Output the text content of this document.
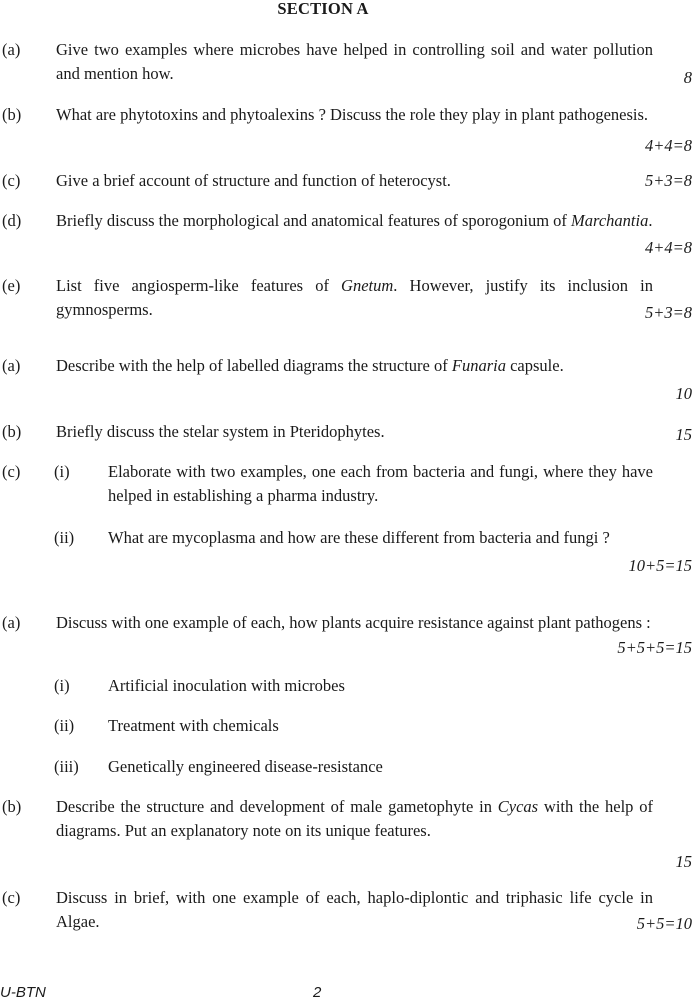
SECTION A
(a) Give two examples where microbes have helped in controlling soil and water pollution and mention how.	8
(b) What are phytotoxins and phytoalexins ? Discuss the role they play in plant pathogenesis.
4+4=8
(c) Give a brief account of structure and function of heterocyst.	5+3=8
(d) Briefly discuss the morphological and anatomical features of sporogonium of Marchantia.
4+4=8
(e) List five angiosperm-like features of Gnetum. However, justify its inclusion in gymnosperms.	5+3=8
(a) Describe with the help of labelled diagrams the structure of Funaria capsule.
10
(b) Briefly discuss the stelar system in Pteridophytes.	15
(c) (i) Elaborate with two examples, one each from bacteria and fungi, where they have helped in establishing a pharma industry.
(ii) What are mycoplasma and how are these different from bacteria and fungi ?
10+5=15
(a) Discuss with one example of each, how plants acquire resistance against plant pathogens :
5+5+5=15
(i) Artificial inoculation with microbes
(ii) Treatment with chemicals
(iii) Genetically engineered disease-resistance
(b) Describe the structure and development of male gametophyte in Cycas with the help of diagrams. Put an explanatory note on its unique features.
15
(c) Discuss in brief, with one example of each, haplo-diplontic and triphasic life cycle in Algae.	5+5=10
U-BTN	2
